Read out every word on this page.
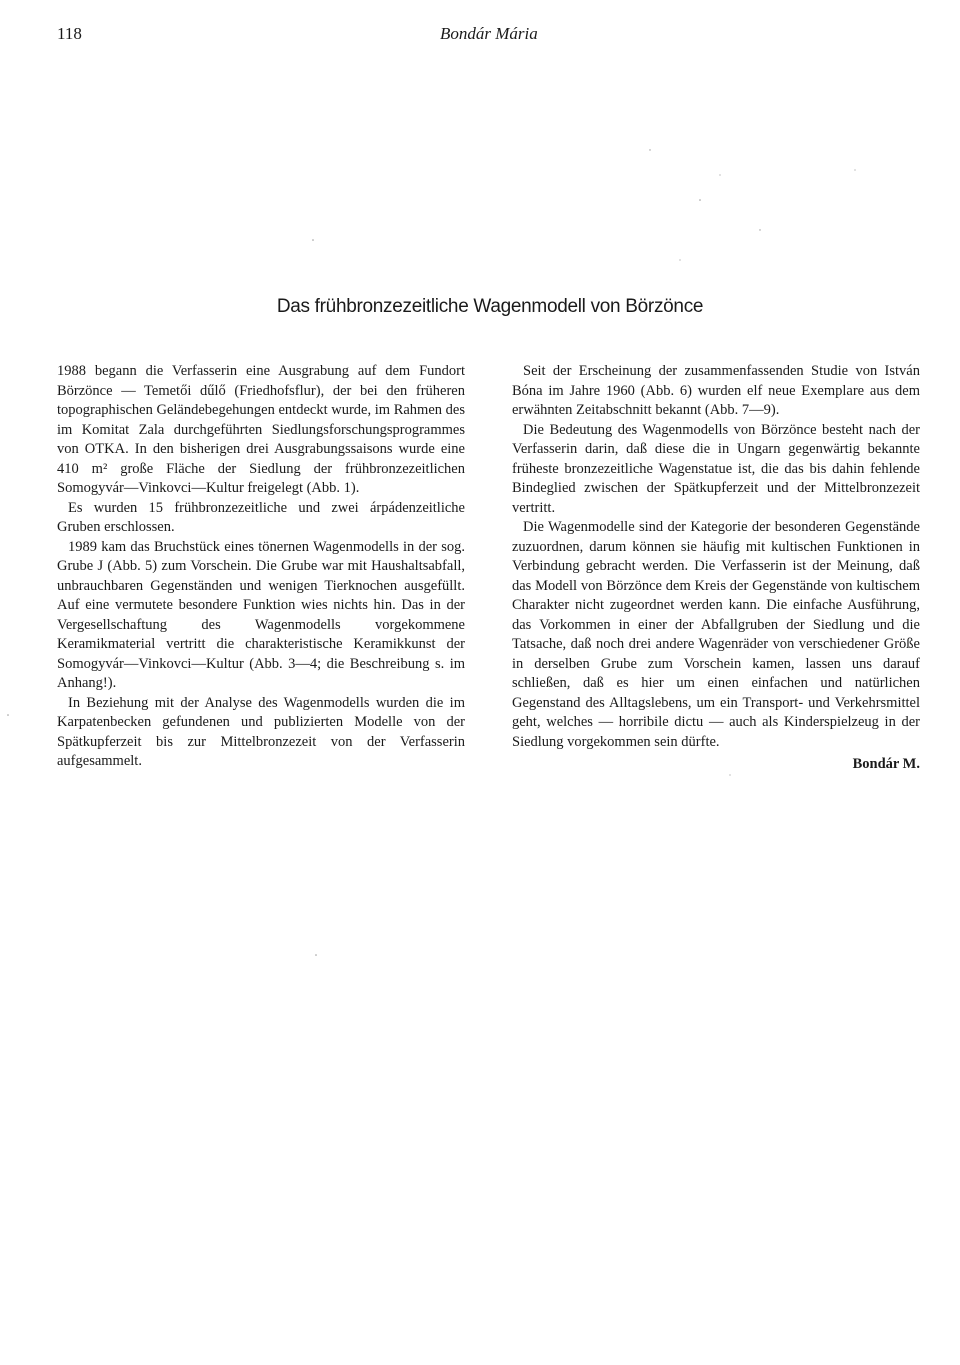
118	Bondár Mária
Das frühbronzezeitliche Wagenmodell von Börzönce

1988 begann die Verfasserin eine Ausgrabung auf dem Fundort Börzönce — Temetői dűlő (Friedhofsflur), der bei den früheren topographischen Geländebegehungen entdeckt wurde, im Rahmen des im Komitat Zala durchgeführten Siedlungsforschungsprogrammes von OTKA. In den bisherigen drei Ausgrabungssaisons wurde eine 410 m² große Fläche der Siedlung der frühbronzezeitlichen Somogyvár—Vinkovci—Kultur freigelegt (Abb. 1).

Es wurden 15 frühbronzezeitliche und zwei árpádenzeitliche Gruben erschlossen.

1989 kam das Bruchstück eines tönernen Wagenmodells in der sog. Grube J (Abb. 5) zum Vorschein. Die Grube war mit Haushaltsabfall, unbrauchbaren Gegenständen und wenigen Tierknochen ausgefüllt. Auf eine vermutete besondere Funktion wies nichts hin. Das in der Vergesellschaftung des Wagenmodells vorgekommene Keramikmaterial vertritt die charakteristische Keramikkunst der Somogyvár—Vinkovci—Kultur (Abb. 3—4; die Beschreibung s. im Anhang!).

In Beziehung mit der Analyse des Wagenmodells wurden die im Karpatenbecken gefundenen und publizierten Modelle von der Spätkupferzeit bis zur Mittelbronzezeit von der Verfasserin aufgesammelt.

Seit der Erscheinung der zusammenfassenden Studie von István Bóna im Jahre 1960 (Abb. 6) wurden elf neue Exemplare aus dem erwähnten Zeitabschnitt bekannt (Abb. 7—9).

Die Bedeutung des Wagenmodells von Börzönce besteht nach der Verfasserin darin, daß diese die in Ungarn gegenwärtig bekannte früheste bronzezeitliche Wagenstatue ist, die das bis dahin fehlende Bindeglied zwischen der Spätkupferzeit und der Mittelbronzezeit vertritt.

Die Wagenmodelle sind der Kategorie der besonderen Gegenstände zuzuordnen, darum können sie häufig mit kultischen Funktionen in Verbindung gebracht werden. Die Verfasserin ist der Meinung, daß das Modell von Börzönce dem Kreis der Gegenstände von kultischem Charakter nicht zugeordnet werden kann. Die einfache Ausführung, das Vorkommen in einer der Abfallgruben der Siedlung und die Tatsache, daß noch drei andere Wagenräder von verschiedener Größe in derselben Grube zum Vorschein kamen, lassen uns darauf schließen, daß es hier um einen einfachen und natürlichen Gegenstand des Alltagslebens, um ein Transport- und Verkehrsmittel geht, welches — horribile dictu — auch als Kinderspielzeug in der Siedlung vorgekommen sein dürfte.

Bondár M.
